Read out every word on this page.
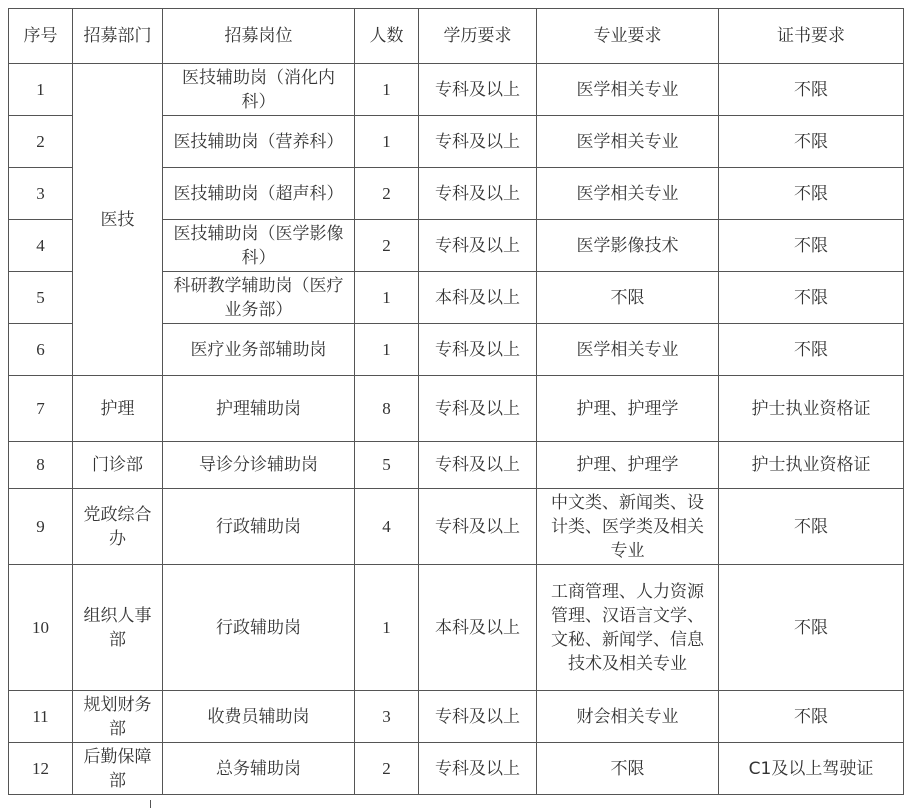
序号	招募部门	招募岗位	人数	学历要求	专业要求	证书要求
1	医技	医技辅助岗（消化内科）	1	专科及以上	医学相关专业	不限
2		医技辅助岗（营养科）	1	专科及以上	医学相关专业	不限
3		医技辅助岗（超声科）	2	专科及以上	医学相关专业	不限
4		医技辅助岗（医学影像科）	2	专科及以上	医学影像技术	不限
5		科研教学辅助岗（医疗业务部）	1	本科及以上	不限	不限
6		医疗业务部辅助岗	1	专科及以上	医学相关专业	不限
7	护理	护理辅助岗	8	专科及以上	护理、护理学	护士执业资格证
8	门诊部	导诊分诊辅助岗	5	专科及以上	护理、护理学	护士执业资格证
9	党政综合办	行政辅助岗	4	专科及以上	中文类、新闻类、设计类、医学类及相关专业	不限
10	组织人事部	行政辅助岗	1	本科及以上	工商管理、人力资源管理、汉语言文学、文秘、新闻学、信息技术及相关专业	不限
11	规划财务部	收费员辅助岗	3	专科及以上	财会相关专业	不限
12	后勤保障部	总务辅助岗	2	专科及以上	不限	C1及以上驾驶证
